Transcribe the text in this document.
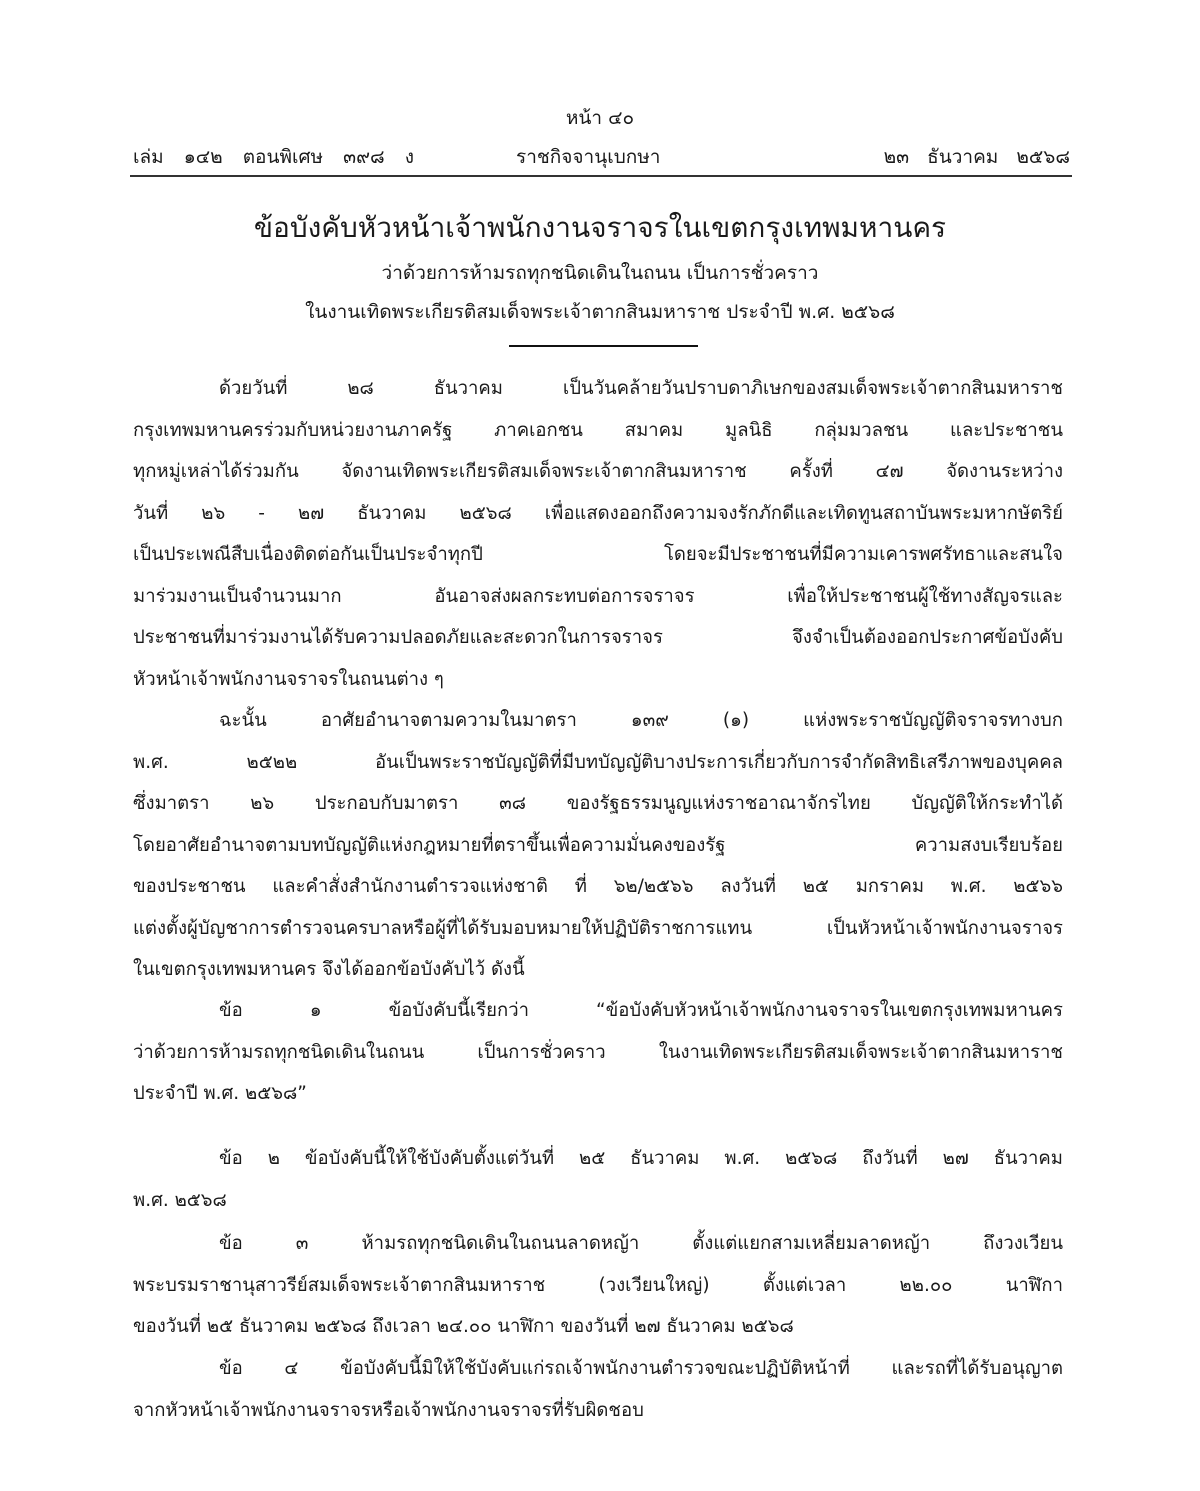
หน้า ๔๐
เล่ม ๑๔๒ ตอนพิเศษ ๓๙๘ ง	ราชกิจจานุเบกษา	๒๓ ธันวาคม ๒๕๖๘
ข้อบังคับหัวหน้าเจ้าพนักงานจราจรในเขตกรุงเทพมหานคร
ว่าด้วยการห้ามรถทุกชนิดเดินในถนน เป็นการชั่วคราว
ในงานเทิดพระเกียรติสมเด็จพระเจ้าตากสินมหาราช ประจำปี พ.ศ. ๒๕๖๘
ด้วยวันที่ ๒๘ ธันวาคม เป็นวันคล้ายวันปราบดาภิเษกของสมเด็จพระเจ้าตากสินมหาราช
กรุงเทพมหานครร่วมกับหน่วยงานภาครัฐ ภาคเอกชน สมาคม มูลนิธิ กลุ่มมวลชน และประชาชน
ทุกหมู่เหล่าได้ร่วมกัน จัดงานเทิดพระเกียรติสมเด็จพระเจ้าตากสินมหาราช ครั้งที่ ๔๗ จัดงานระหว่าง
วันที่ ๒๖ - ๒๗ ธันวาคม ๒๕๖๘ เพื่อแสดงออกถึงความจงรักภักดีและเทิดทูนสถาบันพระมหากษัตริย์
เป็นประเพณีสืบเนื่องติดต่อกันเป็นประจำทุกปี โดยจะมีประชาชนที่มีความเคารพศรัทธาและสนใจ
มาร่วมงานเป็นจำนวนมาก อันอาจส่งผลกระทบต่อการจราจร เพื่อให้ประชาชนผู้ใช้ทางสัญจรและ
ประชาชนที่มาร่วมงานได้รับความปลอดภัยและสะดวกในการจราจร จึงจำเป็นต้องออกประกาศข้อบังคับ
หัวหน้าเจ้าพนักงานจราจรในถนนต่าง ๆ
ฉะนั้น อาศัยอำนาจตามความในมาตรา ๑๓๙ (๑) แห่งพระราชบัญญัติจราจรทางบก
พ.ศ. ๒๕๒๒ อันเป็นพระราชบัญญัติที่มีบทบัญญัติบางประการเกี่ยวกับการจำกัดสิทธิเสรีภาพของบุคคล
ซึ่งมาตรา ๒๖ ประกอบกับมาตรา ๓๘ ของรัฐธรรมนูญแห่งราชอาณาจักรไทย บัญญัติให้กระทำได้
โดยอาศัยอำนาจตามบทบัญญัติแห่งกฎหมายที่ตราขึ้นเพื่อความมั่นคงของรัฐ ความสงบเรียบร้อย
ของประชาชน และคำสั่งสำนักงานตำรวจแห่งชาติ ที่ ๖๒/๒๕๖๖ ลงวันที่ ๒๕ มกราคม พ.ศ. ๒๕๖๖
แต่งตั้งผู้บัญชาการตำรวจนครบาลหรือผู้ที่ได้รับมอบหมายให้ปฏิบัติราชการแทน เป็นหัวหน้าเจ้าพนักงานจราจร
ในเขตกรุงเทพมหานคร จึงได้ออกข้อบังคับไว้ ดังนี้
ข้อ ๑ ข้อบังคับนี้เรียกว่า “ข้อบังคับหัวหน้าเจ้าพนักงานจราจรในเขตกรุงเทพมหานคร
ว่าด้วยการห้ามรถทุกชนิดเดินในถนน เป็นการชั่วคราว ในงานเทิดพระเกียรติสมเด็จพระเจ้าตากสินมหาราช
ประจำปี พ.ศ. ๒๕๖๘”
ข้อ ๒ ข้อบังคับนี้ให้ใช้บังคับตั้งแต่วันที่ ๒๕ ธันวาคม พ.ศ. ๒๕๖๘ ถึงวันที่ ๒๗ ธันวาคม
พ.ศ. ๒๕๖๘
ข้อ ๓ ห้ามรถทุกชนิดเดินในถนนลาดหญ้า ตั้งแต่แยกสามเหลี่ยมลาดหญ้า ถึงวงเวียน
พระบรมราชานุสาวรีย์สมเด็จพระเจ้าตากสินมหาราช (วงเวียนใหญ่) ตั้งแต่เวลา ๒๒.๐๐ นาฬิกา
ของวันที่ ๒๕ ธันวาคม ๒๕๖๘ ถึงเวลา ๒๔.๐๐ นาฬิกา ของวันที่ ๒๗ ธันวาคม ๒๕๖๘
ข้อ ๔ ข้อบังคับนี้มิให้ใช้บังคับแก่รถเจ้าพนักงานตำรวจขณะปฏิบัติหน้าที่ และรถที่ได้รับอนุญาต
จากหัวหน้าเจ้าพนักงานจราจรหรือเจ้าพนักงานจราจรที่รับผิดชอบ
